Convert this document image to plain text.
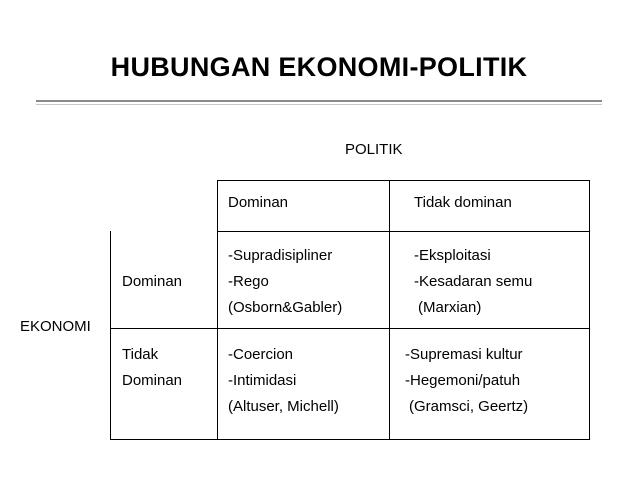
HUBUNGAN EKONOMI-POLITIK
POLITIK
EKONOMI
Dominan	Tidak dominan
Dominan
-Supradisipliner
-Rego
(Osborn&Gabler)
-Eksploitasi
-Kesadaran semu
(Marxian)
Tidak
Dominan
-Coercion
-Intimidasi
(Altuser, Michell)
-Supremasi kultur
-Hegemoni/patuh
(Gramsci, Geertz)
